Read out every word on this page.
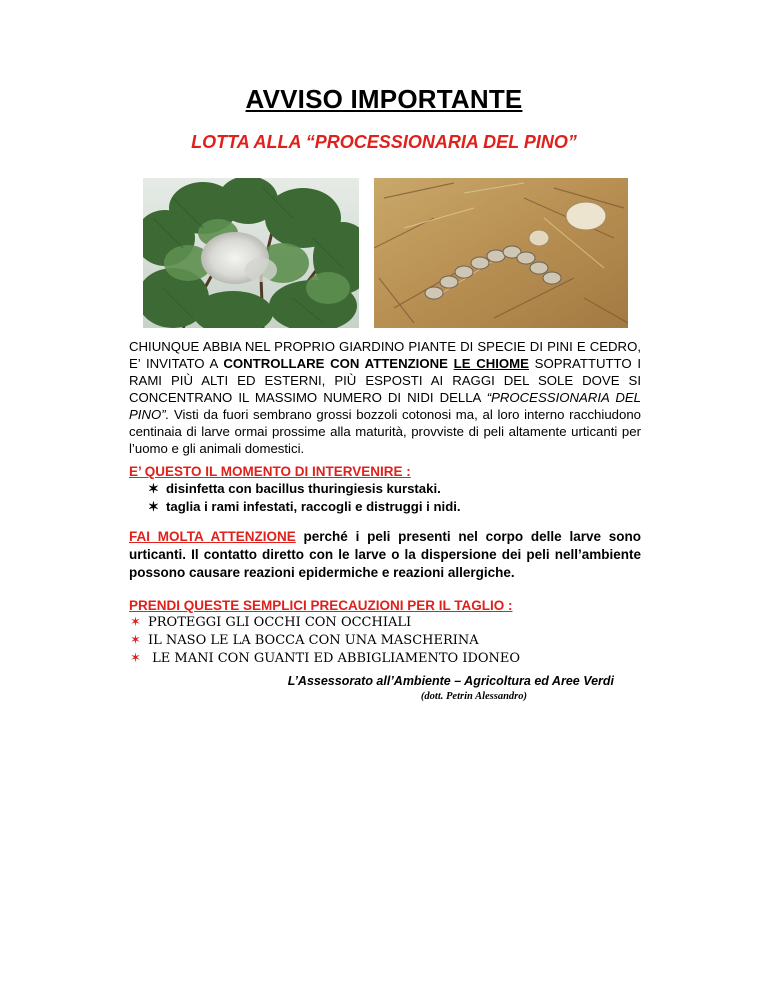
AVVISO IMPORTANTE
LOTTA ALLA “PROCESSIONARIA DEL PINO”
CHIUNQUE ABBIA NEL PROPRIO GIARDINO PIANTE DI SPECIE DI PINI E CEDRO, E’ INVITATO A CONTROLLARE CON ATTENZIONE LE CHIOME SOPRATTUTTO I RAMI PIÙ ALTI ED ESTERNI, PIÙ ESPOSTI AI RAGGI DEL SOLE DOVE SI CONCENTRANO IL MASSIMO NUMERO DI NIDI DELLA “PROCESSIONARIA DEL PINO”. Visti da fuori sembrano grossi bozzoli cotonosi ma, al loro interno racchiudono centinaia di larve ormai prossime alla maturità, provviste di peli altamente urticanti per l’uomo e gli animali domestici.
E’ QUESTO IL MOMENTO DI INTERVENIRE :
✶ disinfetta con bacillus thuringiesis kurstaki.
✶ taglia i rami infestati, raccogli e distruggi i nidi.
FAI MOLTA ATTENZIONE perché i peli presenti nel corpo delle larve sono urticanti. Il contatto diretto con le larve o la dispersione dei peli nell’ambiente possono causare reazioni epidermiche e reazioni allergiche.
PRENDI QUESTE SEMPLICI PRECAUZIONI PER IL TAGLIO :
✶ PROTEGGI GLI OCCHI CON OCCHIALI
✶ IL NASO LE LA BOCCA CON UNA MASCHERINA
✶ LE MANI CON GUANTI ED ABBIGLIAMENTO IDONEO
L’Assessorato all’Ambiente – Agricoltura ed Aree Verdi
(dott. Petrin Alessandro)
